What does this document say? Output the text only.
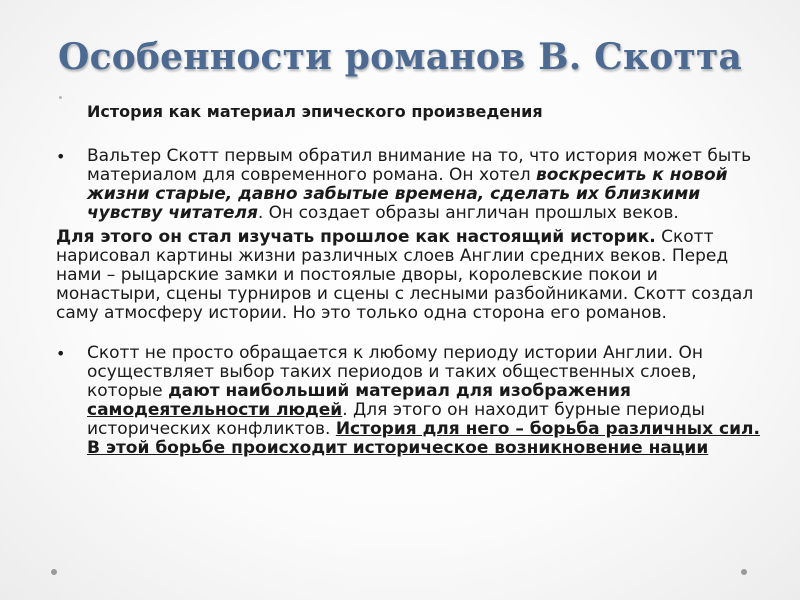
Особенности романов В. Скотта
История как материал эпического произведения
•	Вальтер Скотт первым обратил внимание на то, что история может быть материалом для современного романа. Он хотел воскресить к новой жизни старые, давно забытые времена, сделать их близкими чувству читателя. Он создает образы англичан прошлых веков.
Для этого он стал изучать прошлое как настоящий историк. Скотт нарисовал картины жизни различных слоев Англии средних веков. Перед нами – рыцарские замки и постоялые дворы, королевские покои и монастыри, сцены турниров и сцены с лесными разбойниками. Скотт создал саму атмосферу истории. Но это только одна сторона его романов.
•	Скотт не просто обращается к любому периоду истории Англии. Он осуществляет выбор таких периодов и таких общественных слоев, которые дают наибольший материал для изображения самодеятельности людей. Для этого он находит бурные периоды исторических конфликтов. История для него – борьба различных сил. В этой борьбе происходит историческое возникновение нации
